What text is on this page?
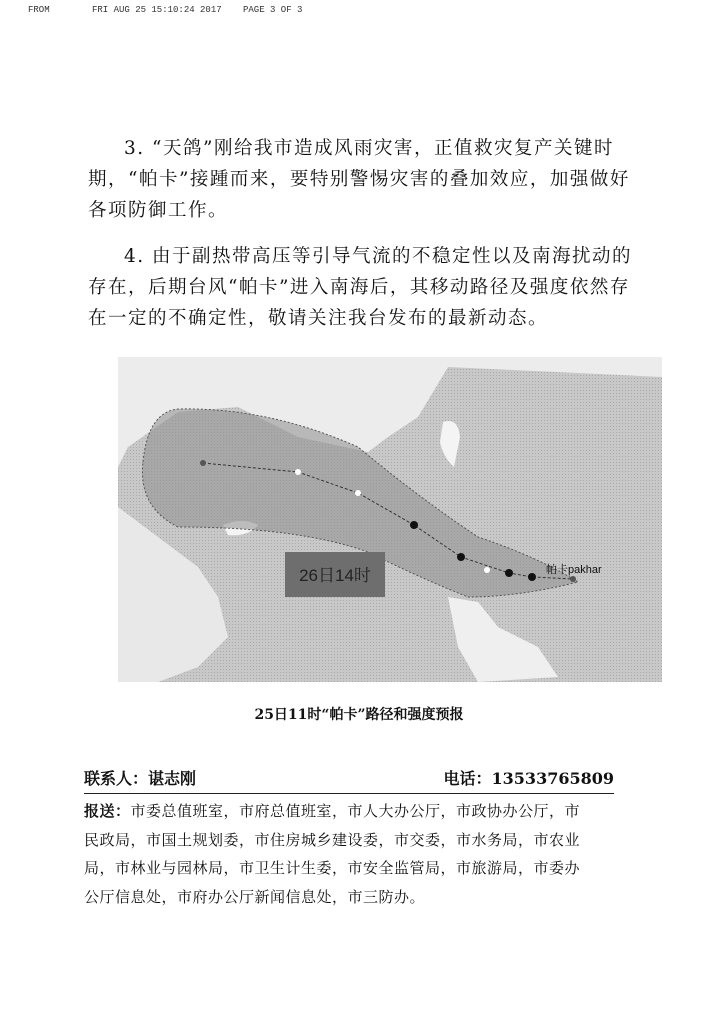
FROM	FRI AUG 25 15:10:24 2017 PAGE 3 OF 3
3. “天鸽”刚给我市造成风雨灾害，正值救灾复产关键时
期，“帕卡”接踵而来，要特别警惕灾害的叠加效应，加强做好
各项防御工作。
4. 由于副热带高压等引导气流的不稳定性以及南海扰动的
存在，后期台风“帕卡”进入南海后，其移动路径及强度依然存
在一定的不确定性，敬请关注我台发布的最新动态。
26日14时	帕卡pakhar
25日11时“帕卡”路径和强度预报
联系人：谌志刚	电话：13533765809
报送：市委总值班室，市府总值班室，市人大办公厅，市政协办公厅，市
民政局，市国土规划委，市住房城乡建设委，市交委，市水务局，市农业
局，市林业与园林局，市卫生计生委，市安全监管局，市旅游局，市委办
公厅信息处，市府办公厅新闻信息处，市三防办。
